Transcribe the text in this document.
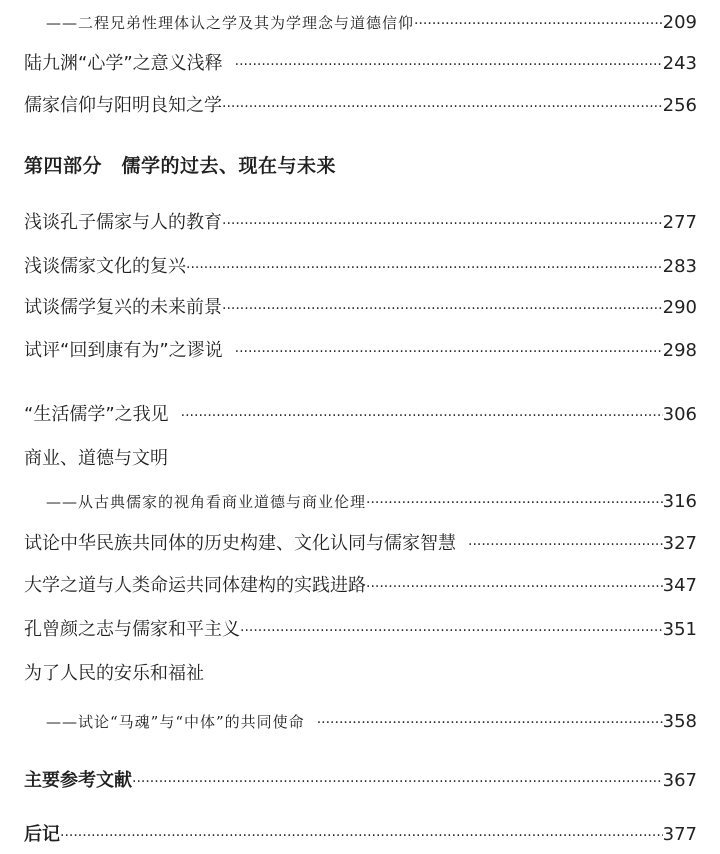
——二程兄弟性理体认之学及其为学理念与道德信仰 ·····	209
陆九渊“心学”之意义浅释 ·····	243
儒家信仰与阳明良知之学 ·····	256
第四部分　儒学的过去、现在与未来
浅谈孔子儒家与人的教育 ·····	277
浅谈儒家文化的复兴 ·····	283
试谈儒学复兴的未来前景 ·····	290
试评“回到康有为”之谬说 ·····	298
“生活儒学”之我见 ·····	306
商业、道德与文明
——从古典儒家的视角看商业道德与商业伦理 ·····	316
试论中华民族共同体的历史构建、文化认同与儒家智慧 ·····	327
大学之道与人类命运共同体建构的实践进路 ·····	347
孔曾颜之志与儒家和平主义 ·····	351
为了人民的安乐和福祉
——试论“马魂”与“中体”的共同使命 ·····	358
主要参考文献 ·····	367
后记 ·····	377
